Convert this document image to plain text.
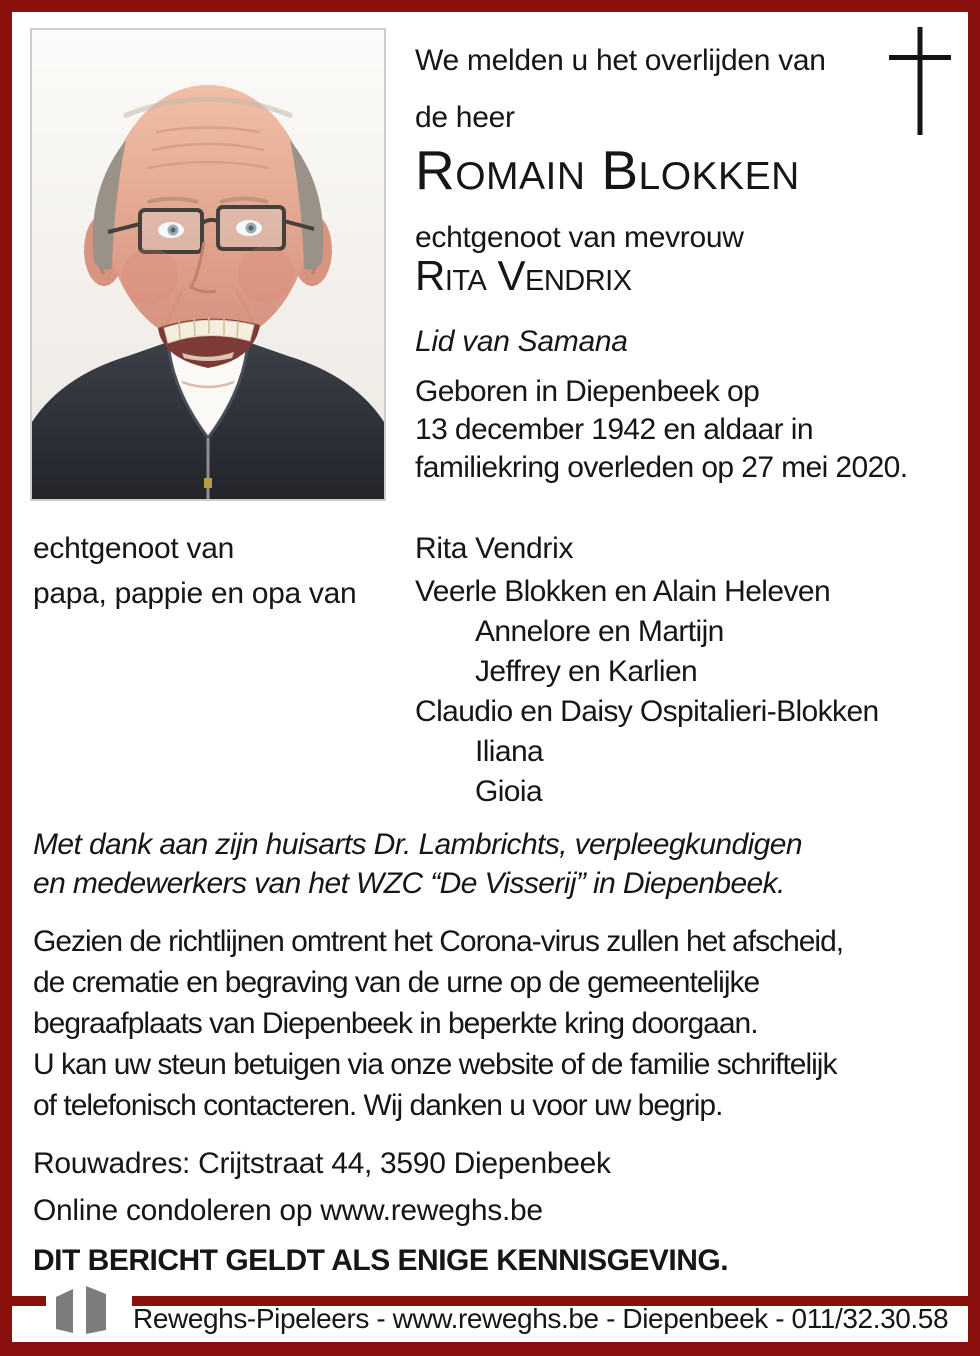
We melden u het overlijden van
de heer
Romain Blokken
echtgenoot van mevrouw
Rita Vendrix
Lid van Samana
Geboren in Diepenbeek op
13 december 1942 en aldaar in
familiekring overleden op 27 mei 2020.
echtgenoot van	Rita Vendrix
papa, pappie en opa van Veerle Blokken en Alain Heleven
Annelore en Martijn
Jeffrey en Karlien
Claudio en Daisy Ospitalieri-Blokken
Iliana
Gioia
Met dank aan zijn huisarts Dr. Lambrichts, verpleegkundigen
en medewerkers van het WZC “De Visserij” in Diepenbeek.
Gezien de richtlijnen omtrent het Corona-virus zullen het afscheid,
de crematie en begraving van de urne op de gemeentelijke
begraafplaats van Diepenbeek in beperkte kring doorgaan.
U kan uw steun betuigen via onze website of de familie schriftelijk
of telefonisch contacteren. Wij danken u voor uw begrip.
Rouwadres: Crijtstraat 44, 3590 Diepenbeek
Online condoleren op www.reweghs.be
DIT BERICHT GELDT ALS ENIGE KENNISGEVING.
Reweghs-Pipeleers - www.reweghs.be - Diepenbeek - 011/32.30.58
